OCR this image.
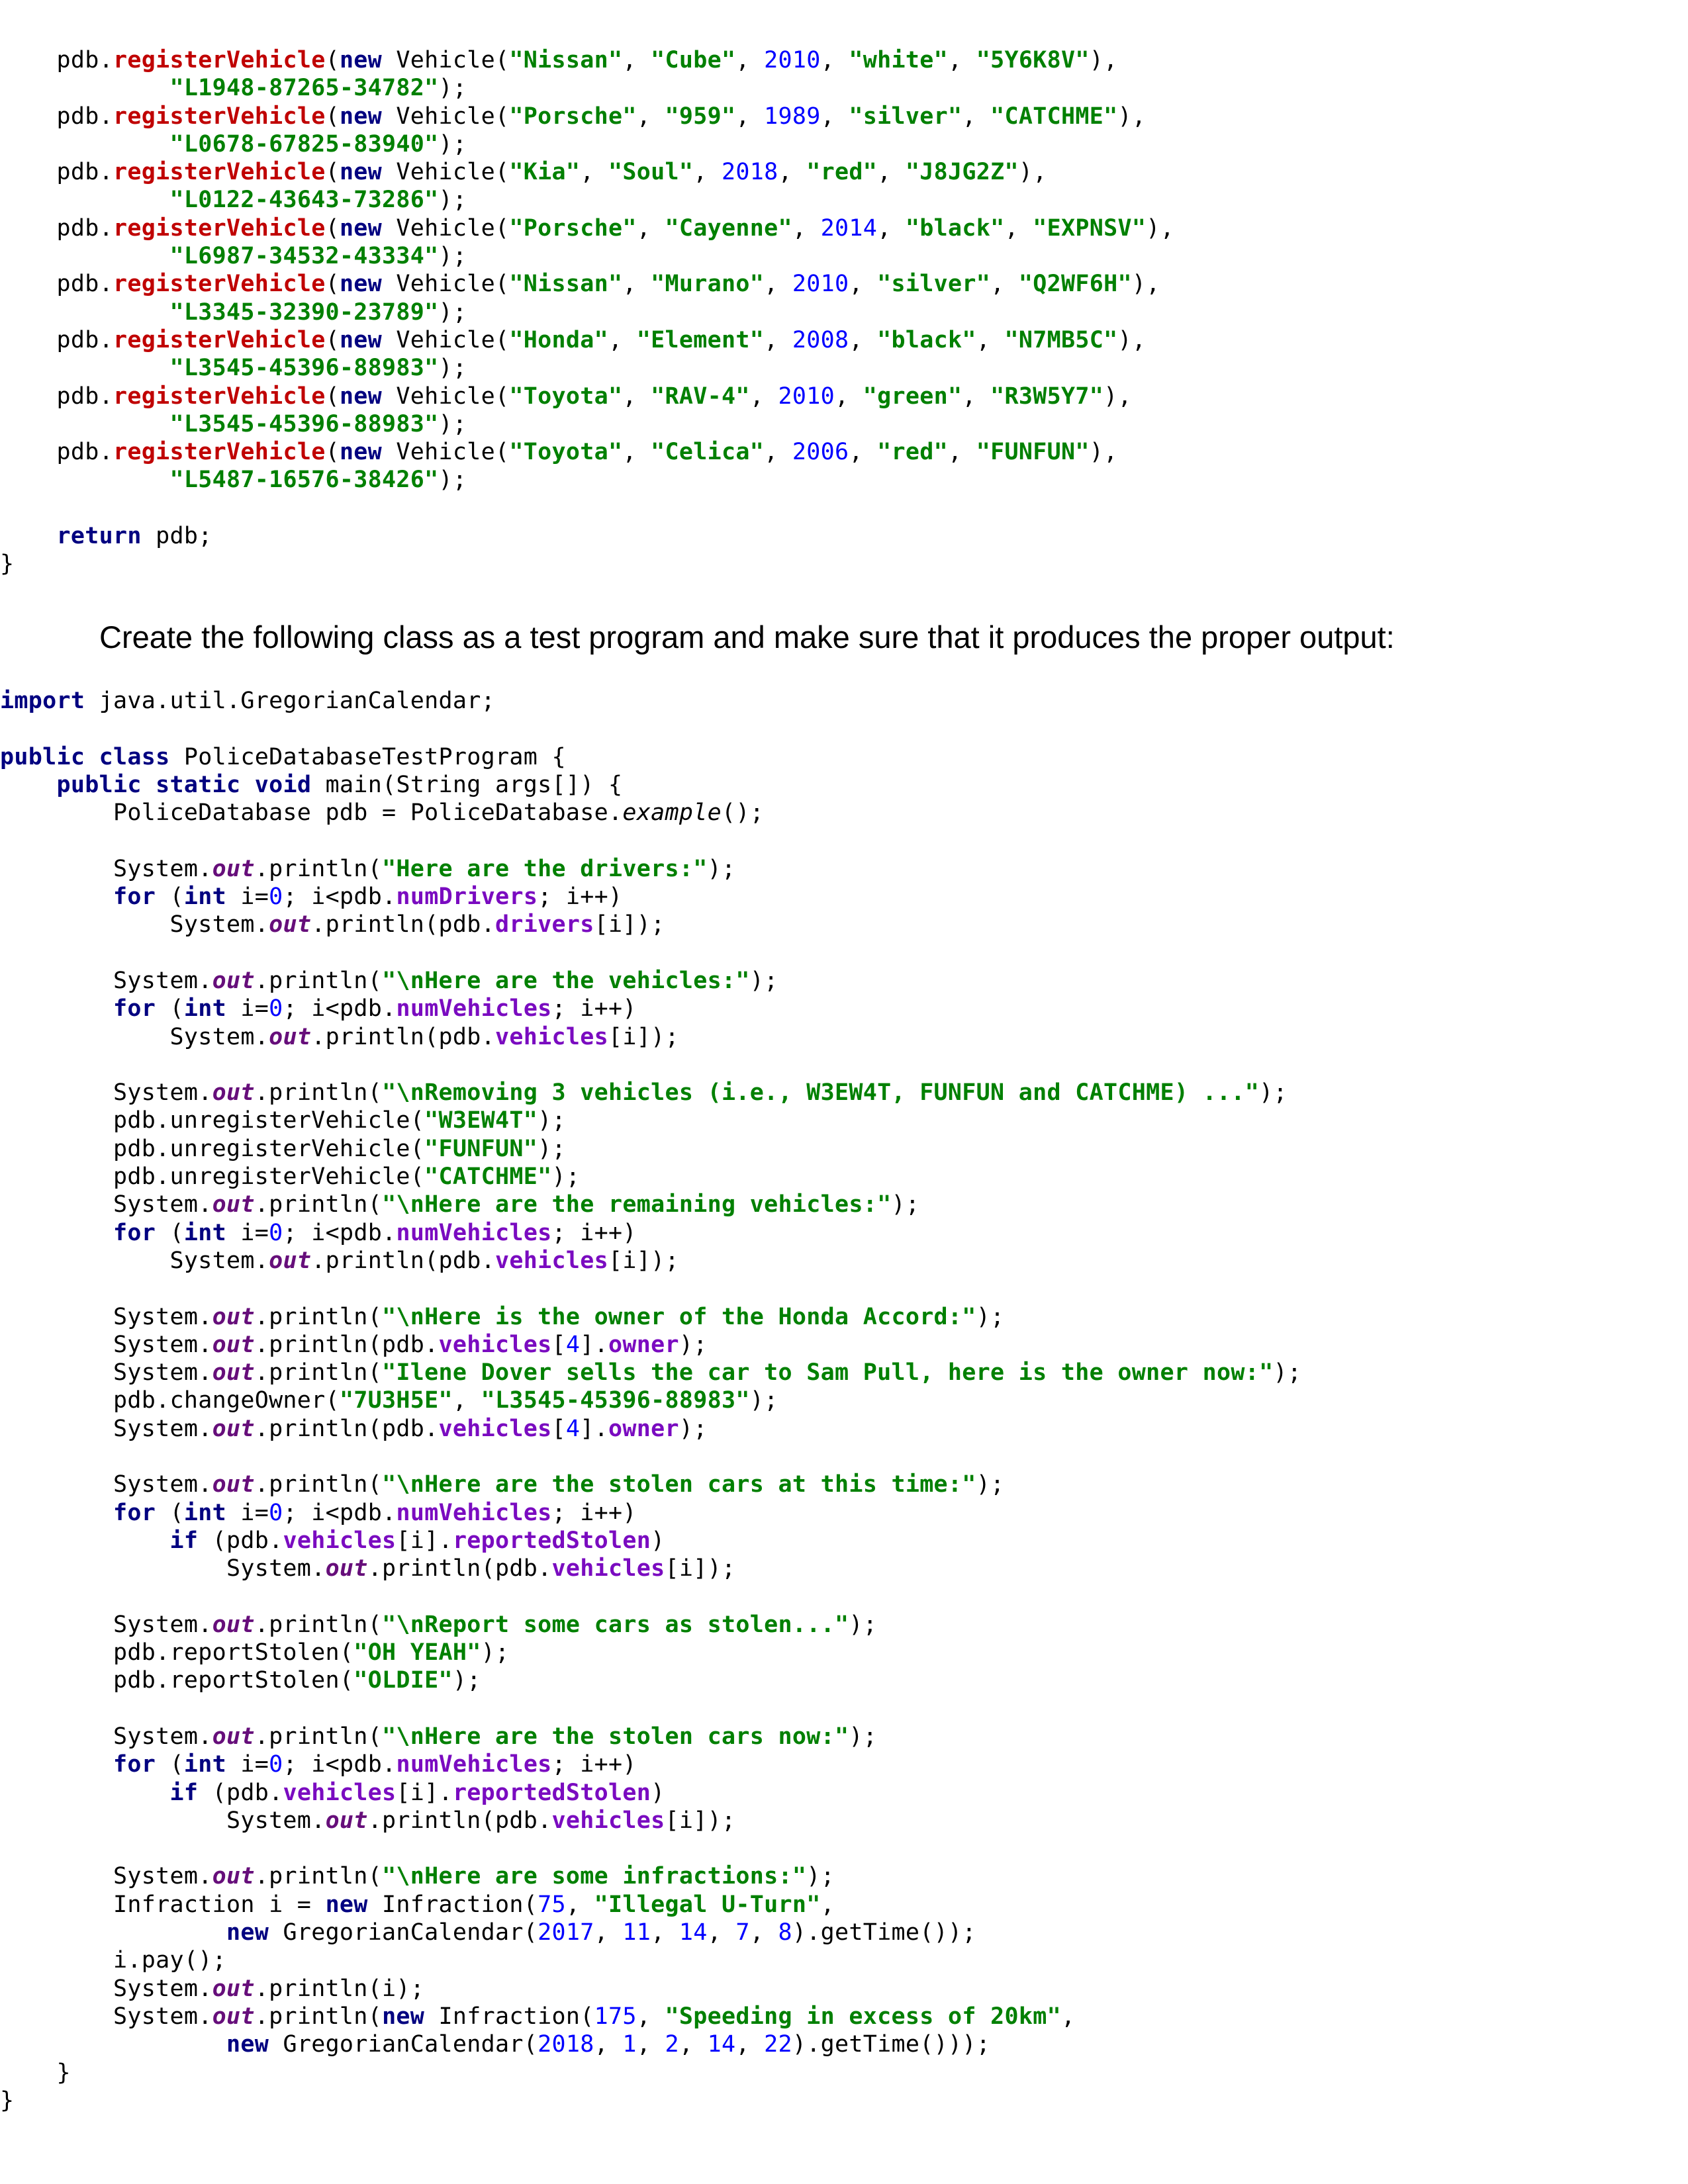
pdb.registerVehicle(new Vehicle("Nissan", "Cube", 2010, "white", "5Y6K8V"),
"L1948-87265-34782");
pdb.registerVehicle(new Vehicle("Porsche", "959", 1989, "silver", "CATCHME"),
"L0678-67825-83940");
pdb.registerVehicle(new Vehicle("Kia", "Soul", 2018, "red", "J8JG2Z"),
"L0122-43643-73286");
pdb.registerVehicle(new Vehicle("Porsche", "Cayenne", 2014, "black", "EXPNSV"),
"L6987-34532-43334");
pdb.registerVehicle(new Vehicle("Nissan", "Murano", 2010, "silver", "Q2WF6H"),
"L3345-32390-23789");
pdb.registerVehicle(new Vehicle("Honda", "Element", 2008, "black", "N7MB5C"),
"L3545-45396-88983");
pdb.registerVehicle(new Vehicle("Toyota", "RAV-4", 2010, "green", "R3W5Y7"),
"L3545-45396-88983");
pdb.registerVehicle(new Vehicle("Toyota", "Celica", 2006, "red", "FUNFUN"),
"L5487-16576-38426");

return pdb;
}

Create the following class as a test program and make sure that it produces the proper output:

import java.util.GregorianCalendar;

public class PoliceDatabaseTestProgram {
public static void main(String args[]) {
PoliceDatabase pdb = PoliceDatabase.example();

System.out.println("Here are the drivers:");
for (int i=0; i<pdb.numDrivers; i++)
System.out.println(pdb.drivers[i]);

System.out.println("\nHere are the vehicles:");
for (int i=0; i<pdb.numVehicles; i++)
System.out.println(pdb.vehicles[i]);

System.out.println("\nRemoving 3 vehicles (i.e., W3EW4T, FUNFUN and CATCHME) ...");
pdb.unregisterVehicle("W3EW4T");
pdb.unregisterVehicle("FUNFUN");
pdb.unregisterVehicle("CATCHME");
System.out.println("\nHere are the remaining vehicles:");
for (int i=0; i<pdb.numVehicles; i++)
System.out.println(pdb.vehicles[i]);

System.out.println("\nHere is the owner of the Honda Accord:");
System.out.println(pdb.vehicles[4].owner);
System.out.println("Ilene Dover sells the car to Sam Pull, here is the owner now:");
pdb.changeOwner("7U3H5E", "L3545-45396-88983");
System.out.println(pdb.vehicles[4].owner);

System.out.println("\nHere are the stolen cars at this time:");
for (int i=0; i<pdb.numVehicles; i++)
if (pdb.vehicles[i].reportedStolen)
System.out.println(pdb.vehicles[i]);

System.out.println("\nReport some cars as stolen...");
pdb.reportStolen("OH YEAH");
pdb.reportStolen("OLDIE");

System.out.println("\nHere are the stolen cars now:");
for (int i=0; i<pdb.numVehicles; i++)
if (pdb.vehicles[i].reportedStolen)
System.out.println(pdb.vehicles[i]);

System.out.println("\nHere are some infractions:");
Infraction i = new Infraction(75, "Illegal U-Turn",
new GregorianCalendar(2017, 11, 14, 7, 8).getTime());
i.pay();
System.out.println(i);
System.out.println(new Infraction(175, "Speeding in excess of 20km",
new GregorianCalendar(2018, 1, 2, 14, 22).getTime()));
}
}
